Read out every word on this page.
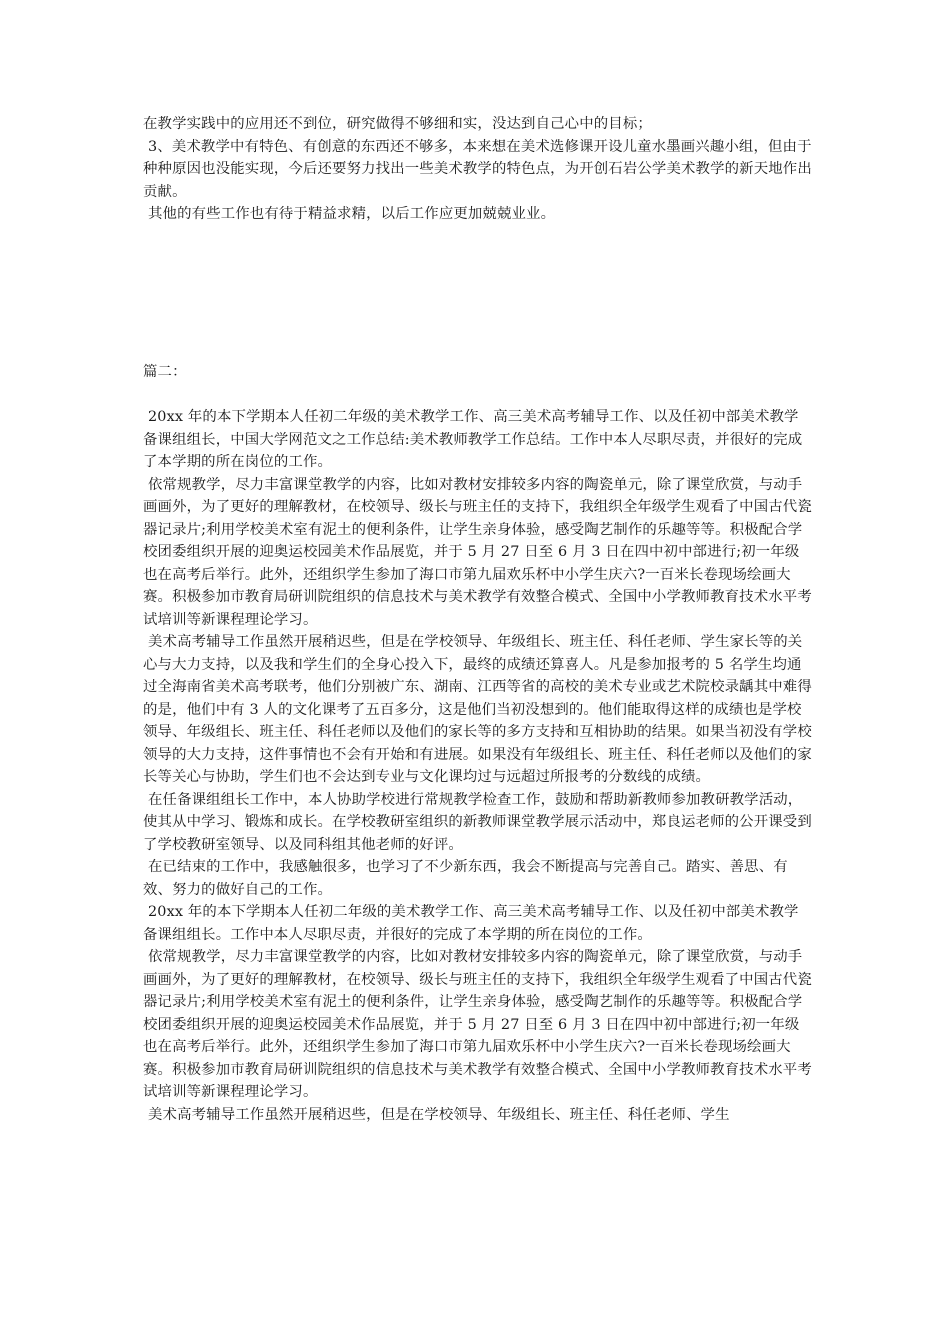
在教学实践中的应用还不到位，研究做得不够细和实，没达到自己心中的目标；

3、美术教学中有特色、有创意的东西还不够多，本来想在美术选修课开设儿童水墨画兴趣小组，但由于种种原因也没能实现，今后还要努力找出一些美术教学的特色点，为开创石岩公学美术教学的新天地作出贡献。

其他的有些工作也有待于精益求精，以后工作应更加兢兢业业。

篇二：

20xx 年的本下学期本人任初二年级的美术教学工作、高三美术高考辅导工作、以及任初中部美术教学备课组组长，中国大学网范文之工作总结:美术教师教学工作总结。工作中本人尽职尽责，并很好的完成了本学期的所在岗位的工作。

依常规教学，尽力丰富课堂教学的内容，比如对教材安排较多内容的陶瓷单元，除了课堂欣赏，与动手画画外，为了更好的理解教材，在校领导、级长与班主任的支持下，我组织全年级学生观看了中国古代瓷器记录片;利用学校美术室有泥土的便利条件，让学生亲身体验，感受陶艺制作的乐趣等等。积极配合学校团委组织开展的迎奥运校园美术作品展览，并于 5 月 27 日至 6 月 3 日在四中初中部进行;初一年级也在高考后举行。此外，还组织学生参加了海口市第九届欢乐杯中小学生庆六?一百米长卷现场绘画大赛。积极参加市教育局研训院组织的信息技术与美术教学有效整合模式、全国中小学教师教育技术水平考试培训等新课程理论学习。

美术高考辅导工作虽然开展稍迟些，但是在学校领导、年级组长、班主任、科任老师、学生家长等的关心与大力支持，以及我和学生们的全身心投入下，最终的成绩还算喜人。凡是参加报考的 5 名学生均通过全海南省美术高考联考，他们分别被广东、湖南、江西等省的高校的美术专业或艺术院校录龋其中难得的是，他们中有 3 人的文化课考了五百多分，这是他们当初没想到的。他们能取得这样的成绩也是学校领导、年级组长、班主任、科任老师以及他们的家长等的多方支持和互相协助的结果。如果当初没有学校领导的大力支持，这件事情也不会有开始和有进展。如果没有年级组长、班主任、科任老师以及他们的家长等关心与协助，学生们也不会达到专业与文化课均过与远超过所报考的分数线的成绩。

在任备课组组长工作中，本人协助学校进行常规教学检查工作，鼓励和帮助新教师参加教研教学活动，使其从中学习、锻炼和成长。在学校教研室组织的新教师课堂教学展示活动中，郑良运老师的公开课受到了学校教研室领导、以及同科组其他老师的好评。

在已结束的工作中，我感触很多，也学习了不少新东西，我会不断提高与完善自己。踏实、善思、有效、努力的做好自己的工作。

20xx 年的本下学期本人任初二年级的美术教学工作、高三美术高考辅导工作、以及任初中部美术教学备课组组长。工作中本人尽职尽责，并很好的完成了本学期的所在岗位的工作。

依常规教学，尽力丰富课堂教学的内容，比如对教材安排较多内容的陶瓷单元，除了课堂欣赏，与动手画画外，为了更好的理解教材，在校领导、级长与班主任的支持下，我组织全年级学生观看了中国古代瓷器记录片;利用学校美术室有泥土的便利条件，让学生亲身体验，感受陶艺制作的乐趣等等。积极配合学校团委组织开展的迎奥运校园美术作品展览，并于 5 月 27 日至 6 月 3 日在四中初中部进行;初一年级也在高考后举行。此外，还组织学生参加了海口市第九届欢乐杯中小学生庆六?一百米长卷现场绘画大赛。积极参加市教育局研训院组织的信息技术与美术教学有效整合模式、全国中小学教师教育技术水平考试培训等新课程理论学习。

美术高考辅导工作虽然开展稍迟些，但是在学校领导、年级组长、班主任、科任老师、学生
